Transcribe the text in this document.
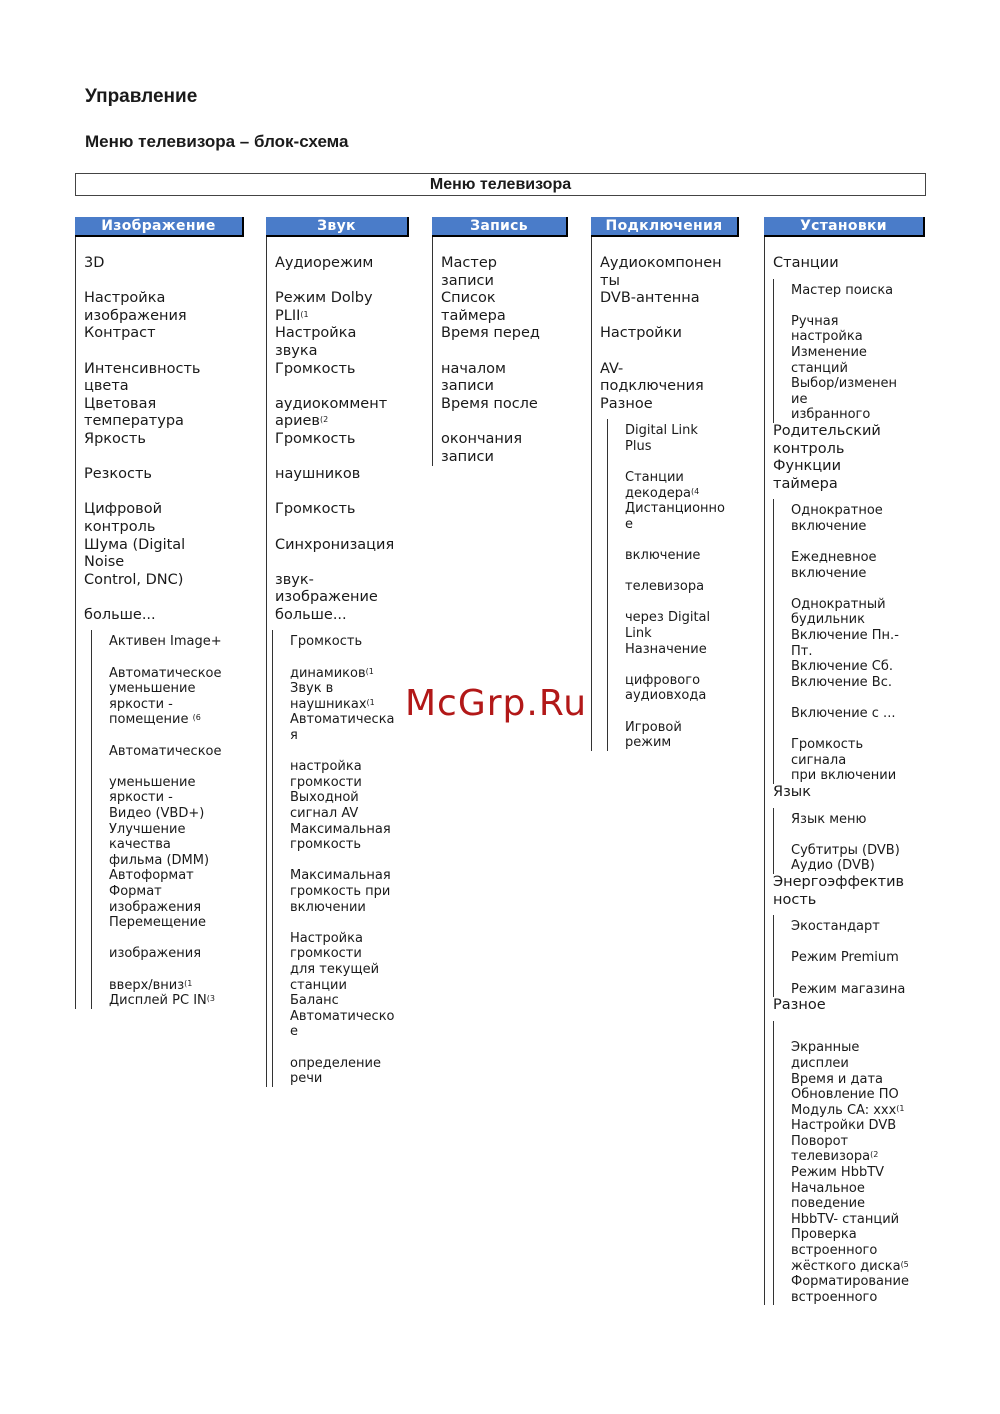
Управление
Меню телевизора – блок-схема
Меню телевизора
Изображение
3D
Настройка
изображения
Контраст
Интенсивность
цвета
Цветовая
температура
Яркость
Резкость
Цифровой
контроль
Шума (Digital
Noise
Control, DNC)
больше...
Активен Image+
Автоматическое
уменьшение
яркости -
помещение $^{(6}$
Автоматическое
уменьшение
яркости -
Видео (VBD+)
Улучшение
качества
фильма (DMM)
Автоформат
Формат
изображения
Перемещение
изображения
вверх/вниз$^{(1}$
Дисплей PC IN$^{(3}$
Звук
Аудиорежим
Режим Dolby
PLII$^{(1}$
Настройка
звука
Громкость
аудиокоммент
ариев$^{(2}$
Громкость
наушников
Громкость
Синхронизация
звук-
изображение
больше...
Громкость
динамиков$^{(1}$
Звук в
наушниках$^{(1}$
Автоматическа
я
настройка
громкости
Выходной
сигнал AV
Максимальная
громкость
Максимальная
громкость при
включении
Настройка
громкости
для текущей
станции
Баланс
Автоматическо
е
определение
речи
Запись
Мастер
записи
Список
таймера
Время перед
началом
записи
Время после
окончания
записи
Подключения
Аудиокомпонен
ты
DVB-антенна
Настройки
AV-
подключения
Разное
Digital Link
Plus
Станции
декодера$^{(4}$
Дистанционно
е
включение
телевизора
через Digital
Link
Назначение
цифрового
аудиовхода
Игровой
режим
Установки
Станции
Мастер поиска
Ручная
настройка
Изменение
станций
Выбор/изменен
ие
избранного
Родительский
контроль
Функции
таймера
Однократное
включение
Ежедневное
включение
Однократный
будильник
Включение Пн.-
Пт.
Включение Сб.
Включение Вс.
Включение с ...
Громкость
сигнала
при включении
Язык
Язык меню
Субтитры (DVB)
Аудио (DVB)
Энергоэффектив
ность
Экостандарт
Режим Premium
Режим магазина
Разное
Экранные
дисплеи
Время и дата
Обновление ПО
Модуль CA: xxx$^{(1}$
Настройки DVB
Поворот
телевизора$^{(2}$
Режим HbbTV
Начальное
поведение
HbbTV- станций
Проверка
встроенного
жёсткого диска$^{(5}$
Форматирование
встроенного
McGrp.Ru
